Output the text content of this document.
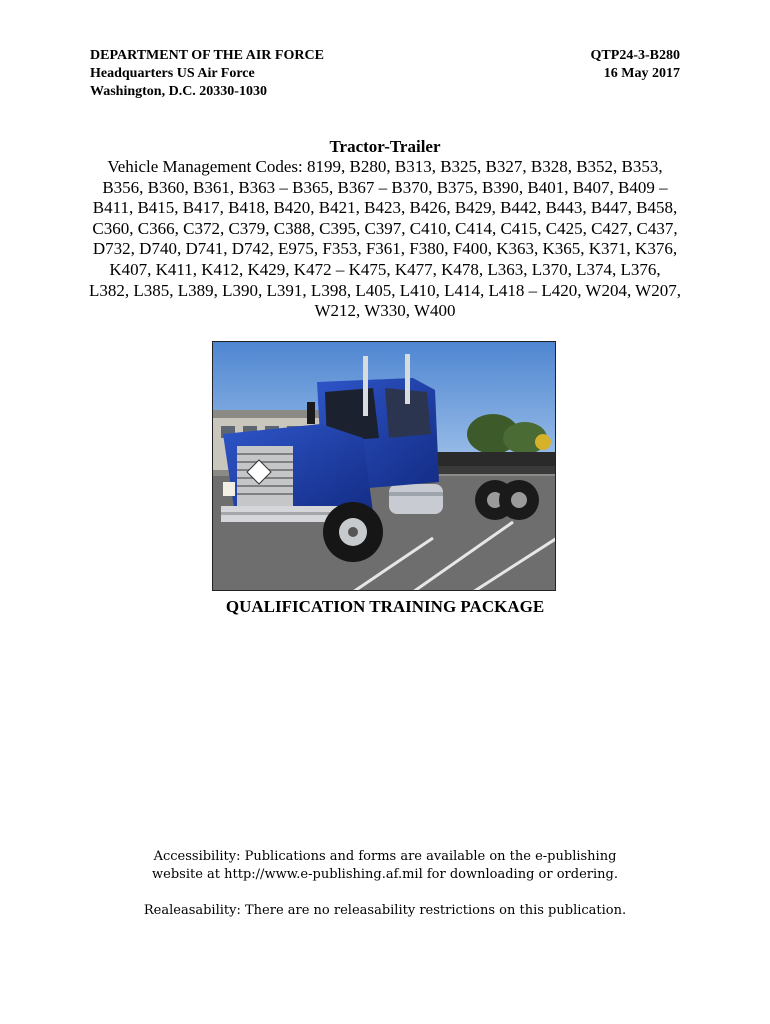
DEPARTMENT OF THE AIR FORCE
Headquarters US Air Force
Washington, D.C. 20330-1030
QTP24-3-B280
16 May 2017
Tractor-Trailer
Vehicle Management Codes: 8199, B280, B313, B325, B327, B328, B352, B353, B356, B360, B361, B363 – B365, B367 – B370, B375, B390, B401, B407, B409 – B411, B415, B417, B418, B420, B421, B423, B426, B429, B442, B443, B447, B458, C360, C366, C372, C379, C388, C395, C397, C410, C414, C415, C425, C427, C437, D732, D740, D741, D742, E975, F353, F361, F380, F400, K363, K365, K371, K376, K407, K411, K412, K429, K472 – K475, K477, K478, L363, L370, L374, L376, L382, L385, L389, L390, L391, L398, L405, L410, L414, L418 – L420, W204, W207, W212, W330, W400
QUALIFICATION TRAINING PACKAGE

Accessibility: Publications and forms are available on the e-publishing

website at http://www.e-publishing.af.mil for downloading or ordering.

Realeasability: There are no releasability restrictions on this publication.
